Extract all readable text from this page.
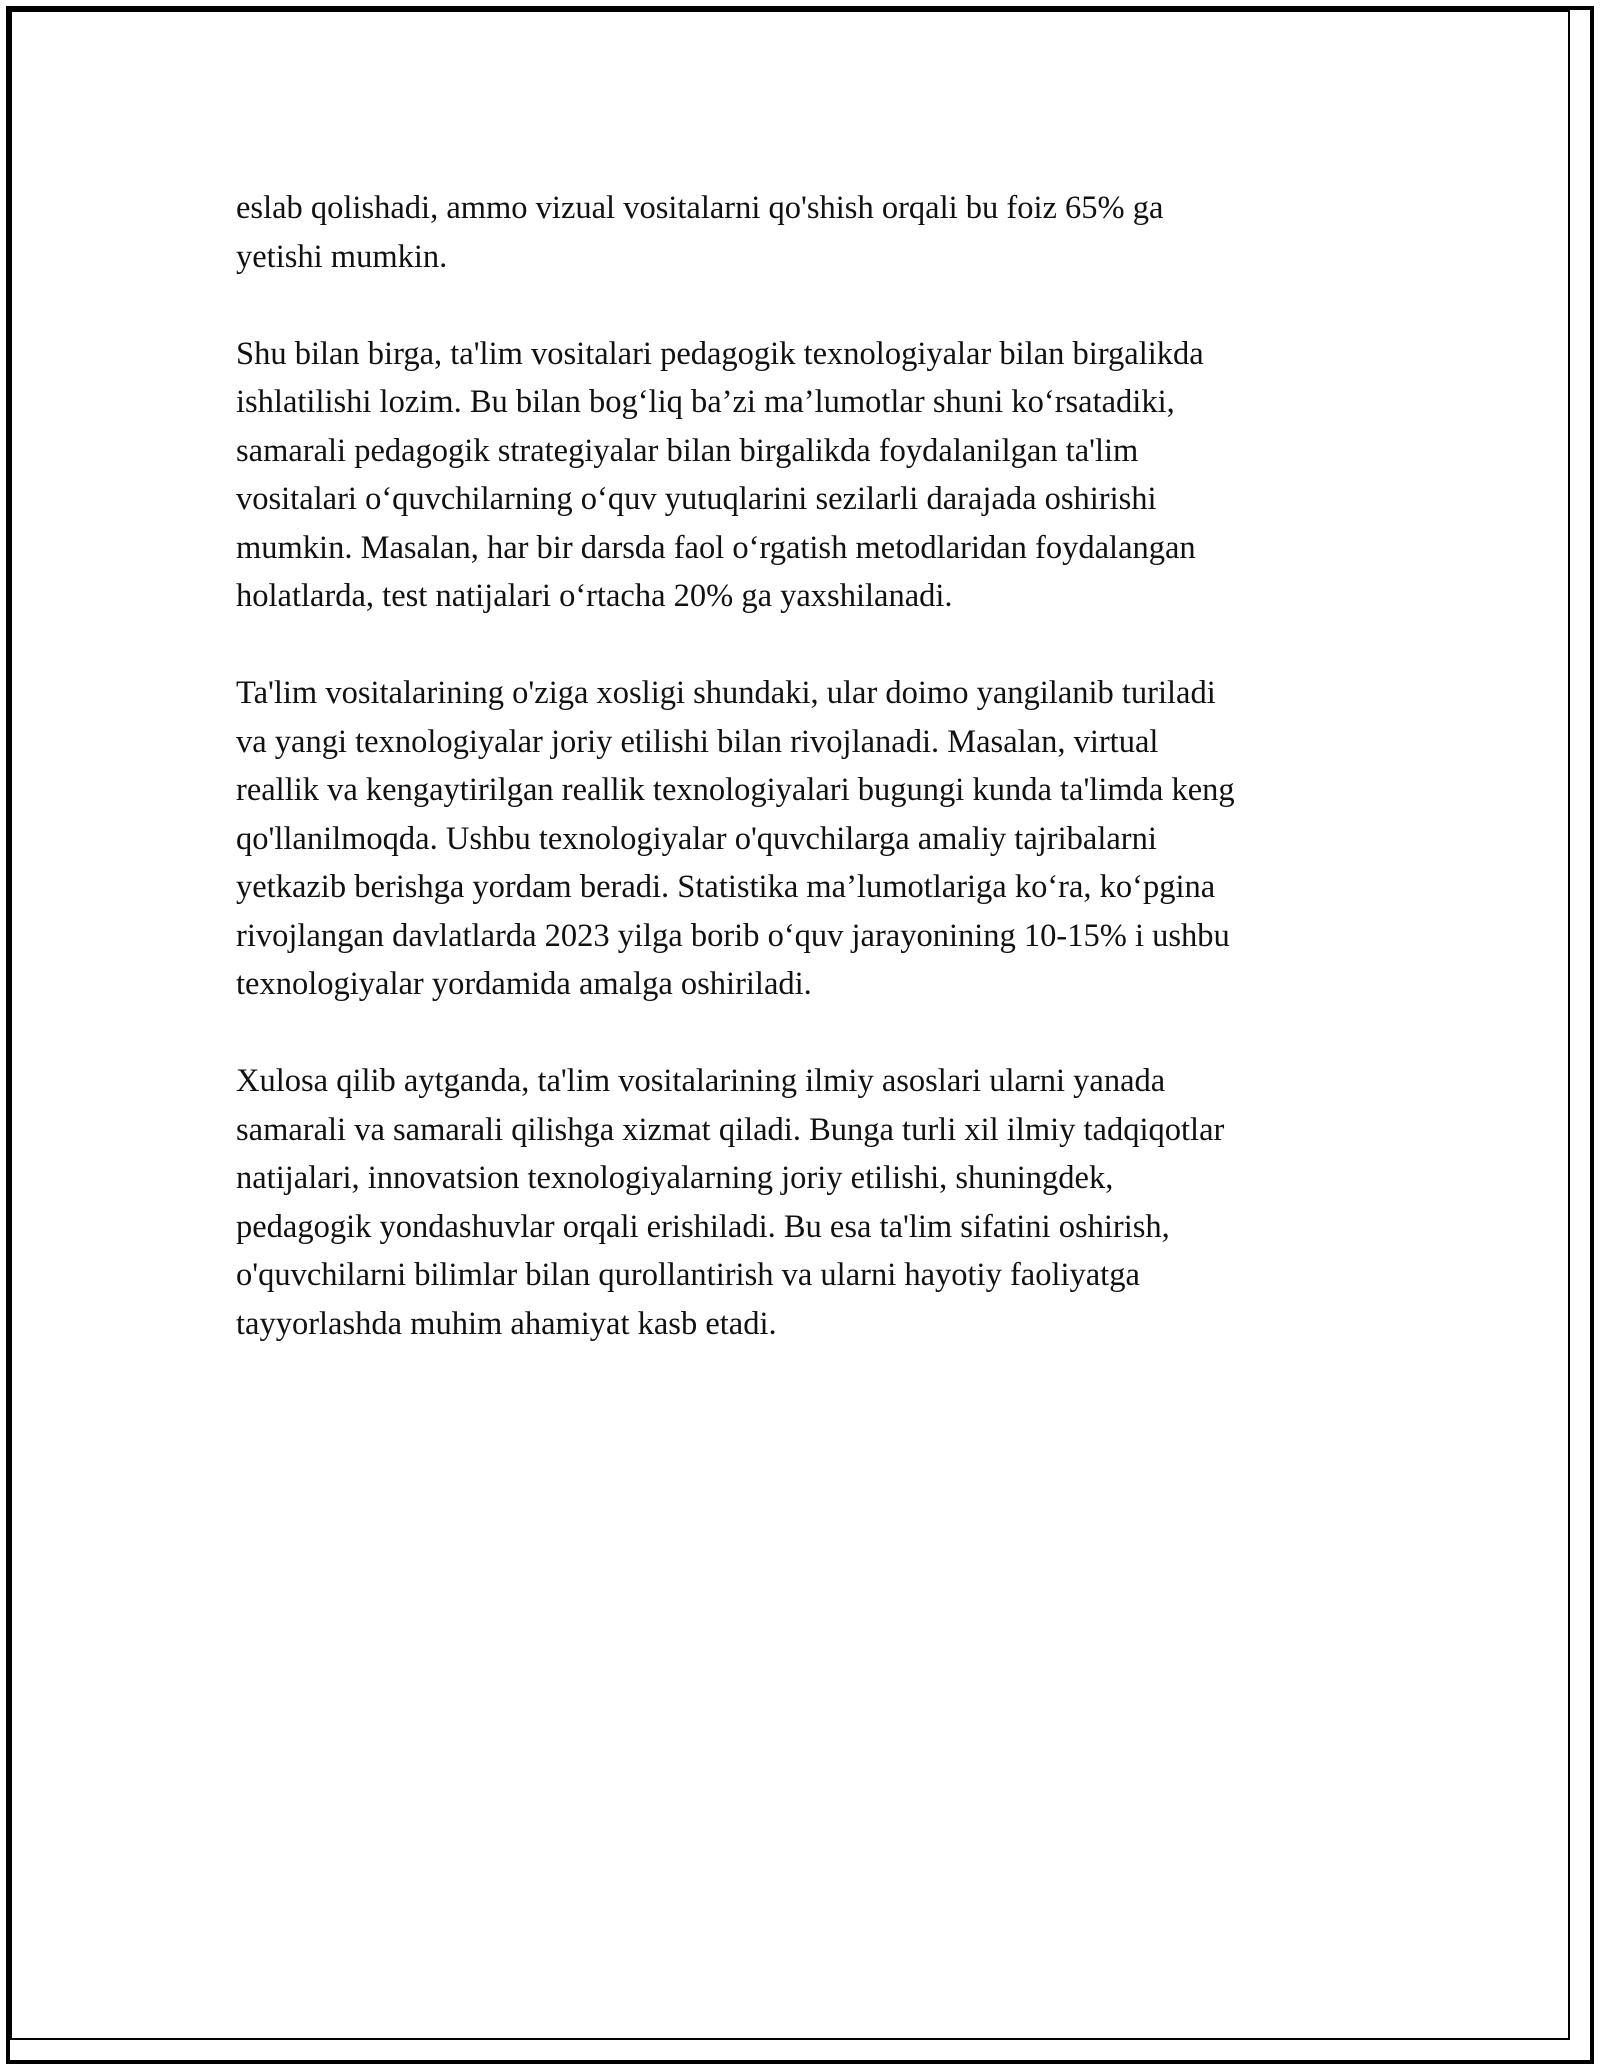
eslab qolishadi, ammo vizual vositalarni qo'shish orqali bu foiz 65% ga
yetishi mumkin.

Shu bilan birga, ta'lim vositalari pedagogik texnologiyalar bilan birgalikda
ishlatilishi lozim. Bu bilan bog‘liq ba’zi ma’lumotlar shuni ko‘rsatadiki,
samarali pedagogik strategiyalar bilan birgalikda foydalanilgan ta'lim
vositalari o‘quvchilarning o‘quv yutuqlarini sezilarli darajada oshirishi
mumkin. Masalan, har bir darsda faol o‘rgatish metodlaridan foydalangan
holatlarda, test natijalari o‘rtacha 20% ga yaxshilanadi.

Ta'lim vositalarining o'ziga xosligi shundaki, ular doimo yangilanib turiladi
va yangi texnologiyalar joriy etilishi bilan rivojlanadi. Masalan, virtual
reallik va kengaytirilgan reallik texnologiyalari bugungi kunda ta'limda keng
qo'llanilmoqda. Ushbu texnologiyalar o'quvchilarga amaliy tajribalarni
yetkazib berishga yordam beradi. Statistika ma’lumotlariga ko‘ra, ko‘pgina
rivojlangan davlatlarda 2023 yilga borib o‘quv jarayonining 10-15% i ushbu
texnologiyalar yordamida amalga oshiriladi.

Xulosa qilib aytganda, ta'lim vositalarining ilmiy asoslari ularni yanada
samarali va samarali qilishga xizmat qiladi. Bunga turli xil ilmiy tadqiqotlar
natijalari, innovatsion texnologiyalarning joriy etilishi, shuningdek,
pedagogik yondashuvlar orqali erishiladi. Bu esa ta'lim sifatini oshirish,
o'quvchilarni bilimlar bilan qurollantirish va ularni hayotiy faoliyatga
tayyorlashda muhim ahamiyat kasb etadi.
